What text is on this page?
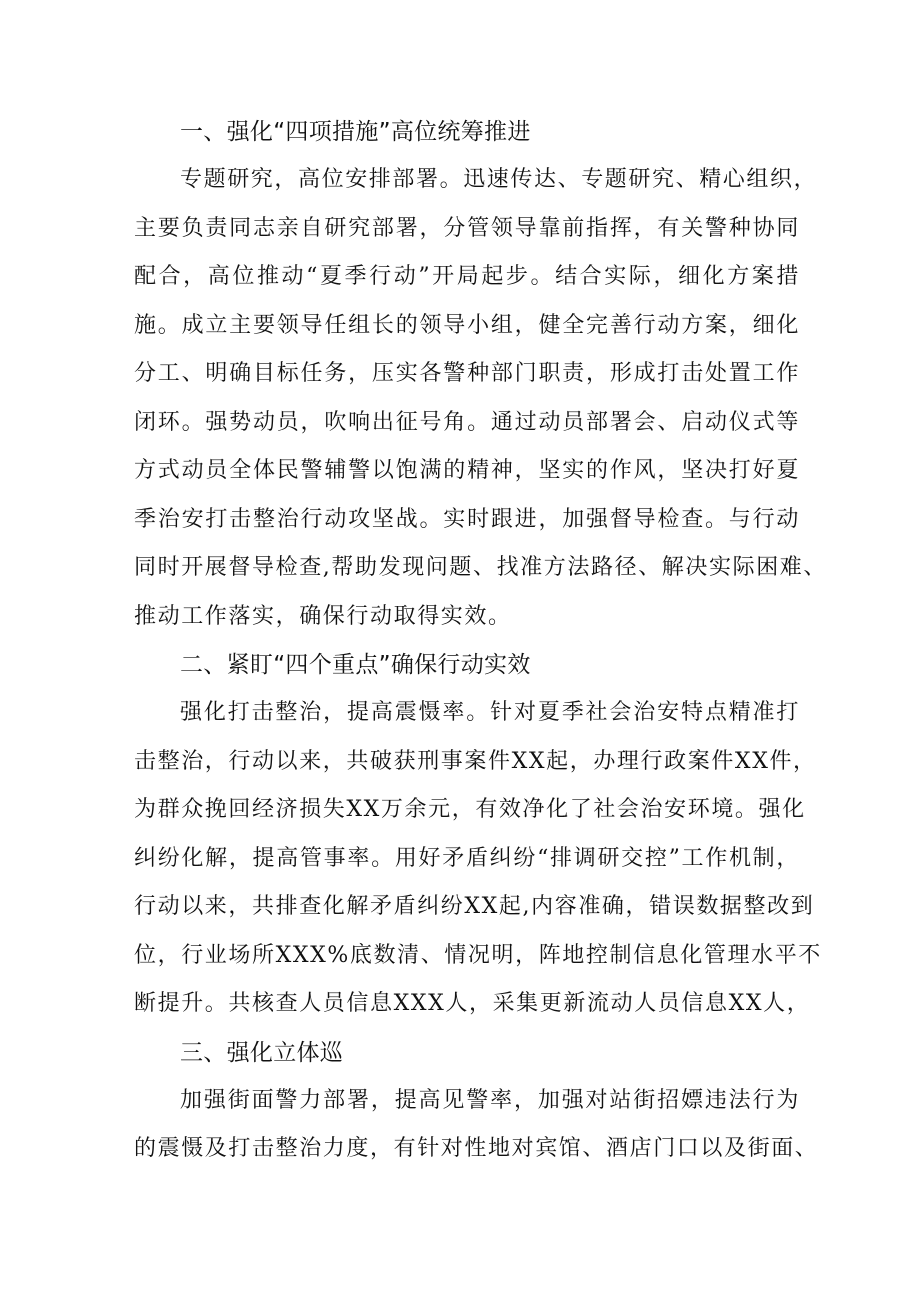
一、强化“四项措施”高位统筹推进

专题研究，高位安排部署。迅速传达、专题研究、精心组织，
主要负责同志亲自研究部署，分管领导靠前指挥，有关警种协同
配合，高位推动“夏季行动”开局起步。结合实际，细化方案措
施。成立主要领导任组长的领导小组，健全完善行动方案，细化
分工、明确目标任务，压实各警种部门职责，形成打击处置工作
闭环。强势动员，吹响出征号角。通过动员部署会、启动仪式等
方式动员全体民警辅警以饱满的精神，坚实的作风，坚决打好夏
季治安打击整治行动攻坚战。实时跟进，加强督导检查。与行动
同时开展督导检查,帮助发现问题、找准方法路径、解决实际困难、
推动工作落实，确保行动取得实效。

二、紧盯“四个重点”确保行动实效

强化打击整治，提高震慑率。针对夏季社会治安特点精准打
击整治，行动以来，共破获刑事案件XX起，办理行政案件XX件，
为群众挽回经济损失XX万余元，有效净化了社会治安环境。强化
纠纷化解，提高管事率。用好矛盾纠纷“排调研交控”工作机制，
行动以来，共排查化解矛盾纠纷XX起,内容准确，错误数据整改到
位，行业场所XXX%底数清、情况明，阵地控制信息化管理水平不
断提升。共核查人员信息XXX人，采集更新流动人员信息XX人，

三、强化立体巡

加强街面警力部署，提高见警率，加强对站街招嫖违法行为
的震慑及打击整治力度，有针对性地对宾馆、酒店门口以及街面、
